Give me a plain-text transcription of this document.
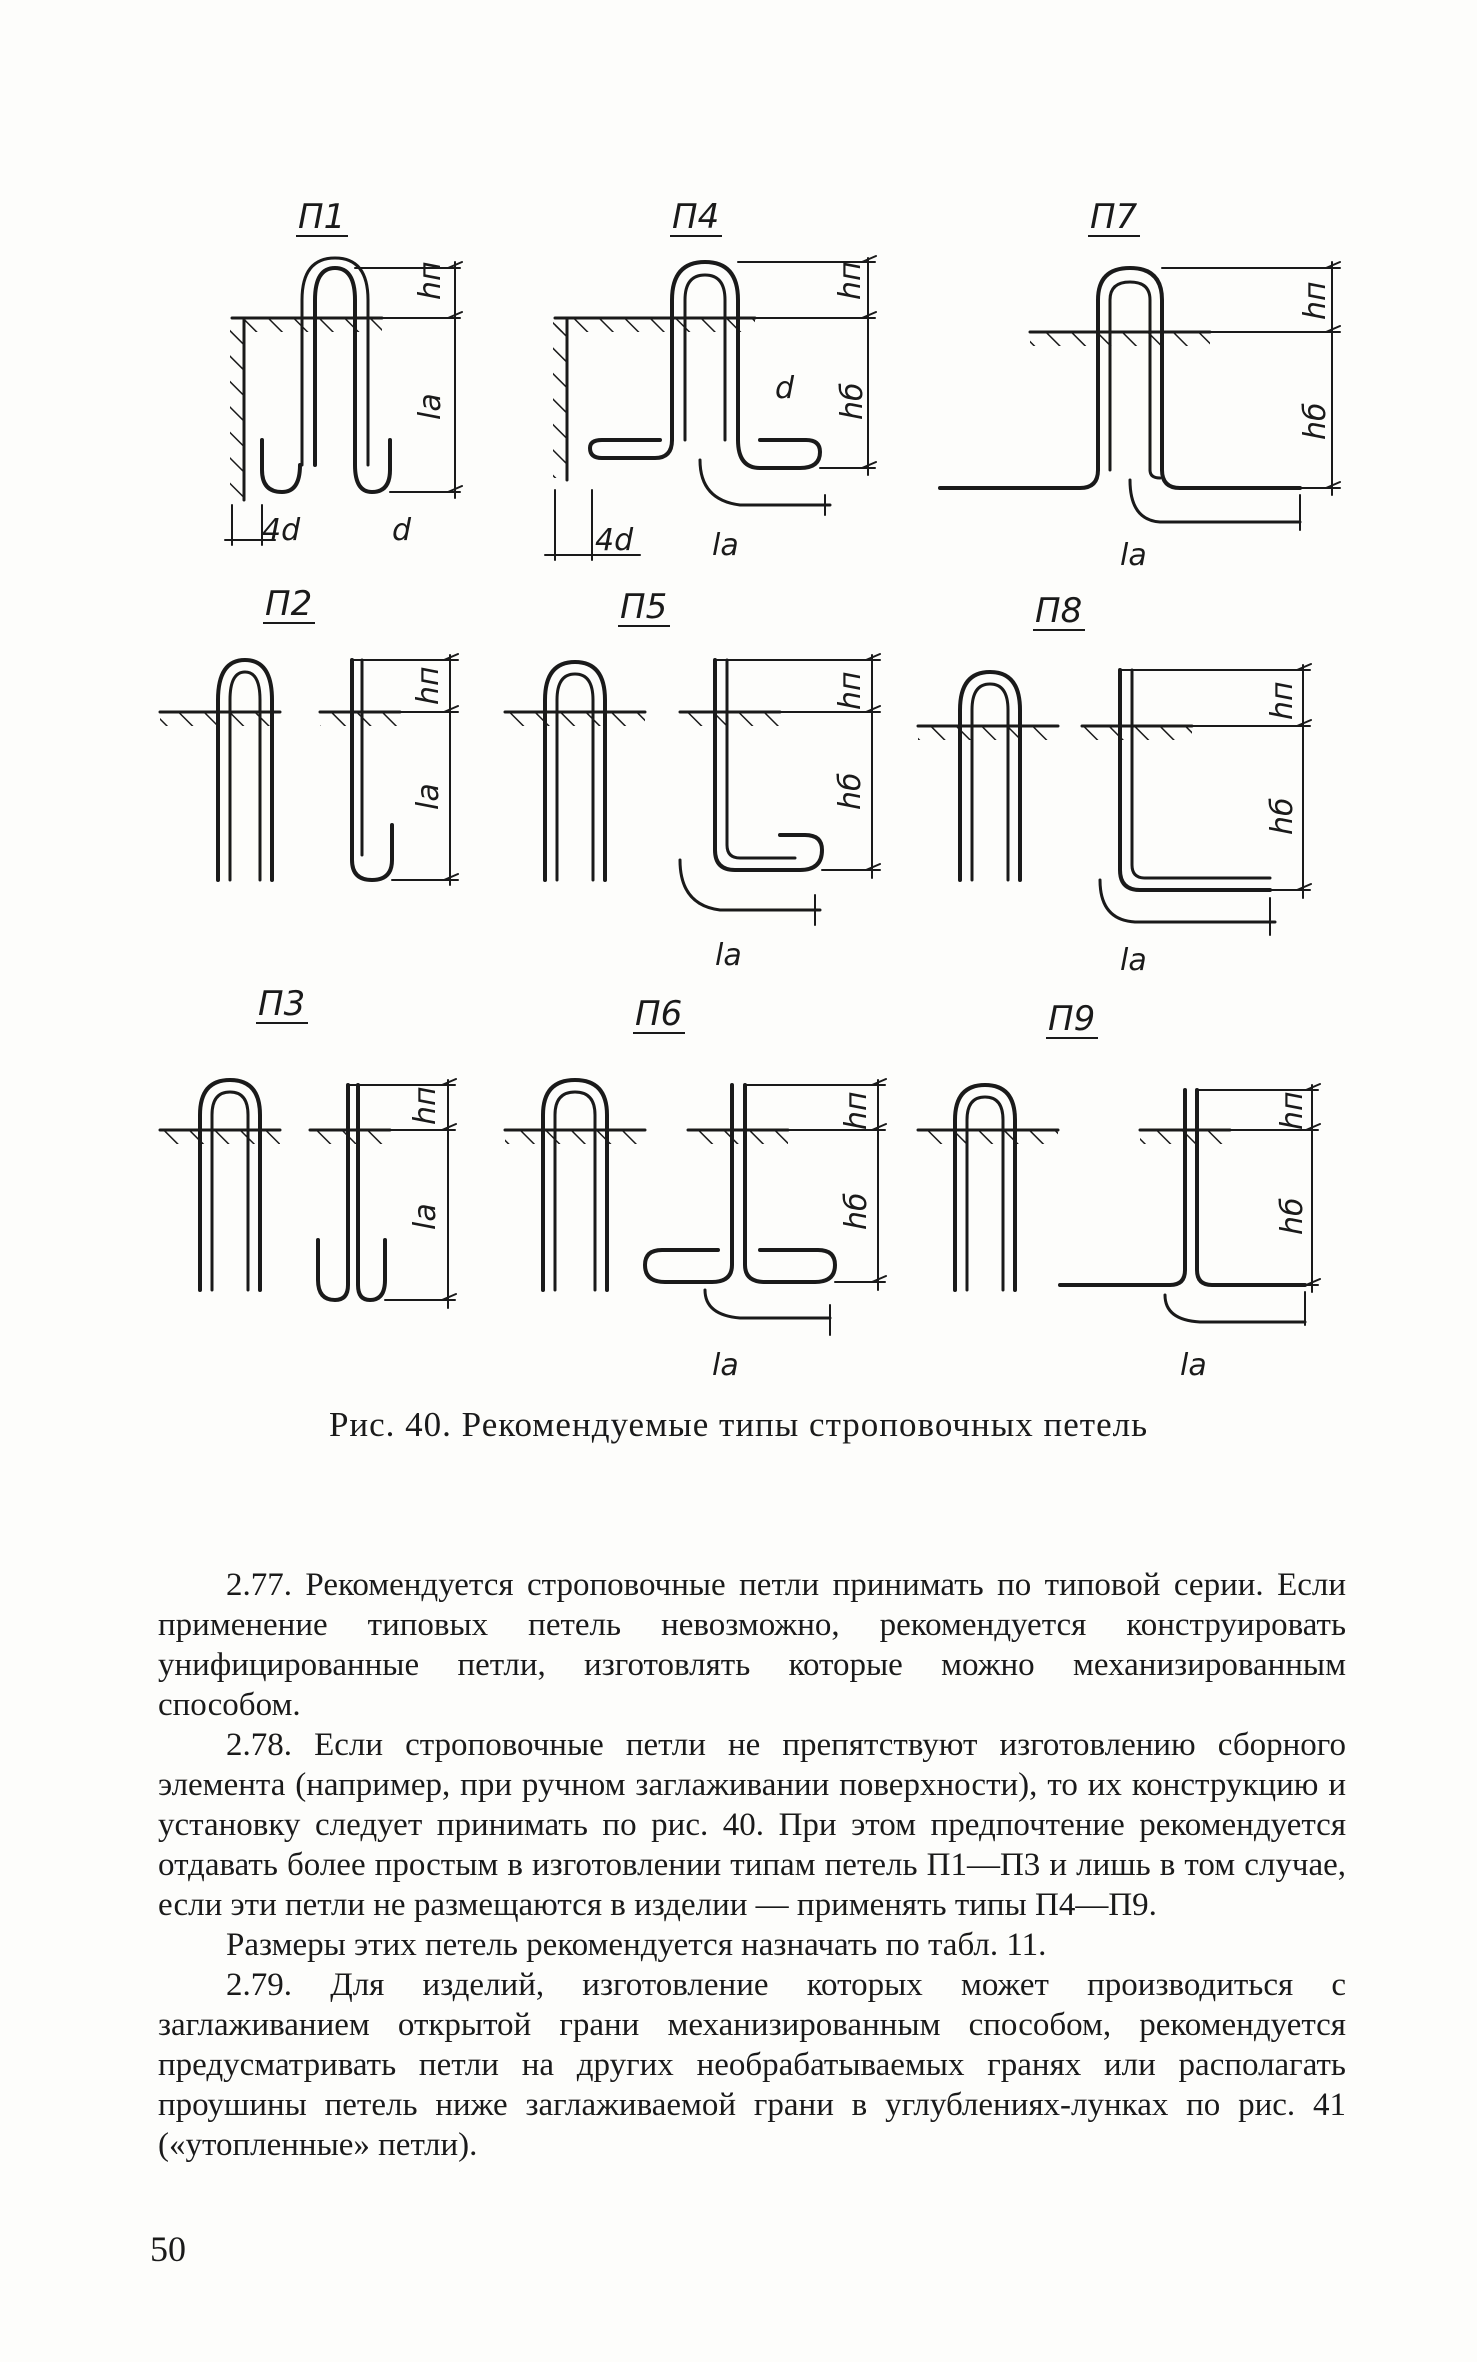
П1	П4	П7
П2	П5	П8
П3	П6	П9
hп
la
4d	d
hп
hб
4d	la
d
hп
hб
la
hп
la
hп
hб
la
hп
hб
la
hп
la
hп
hб
la
hп
hб
la
Рис. 40. Рекомендуемые типы строповочных петель

2.77. Рекомендуется строповочные петли принимать по типовой серии. Если применение типовых петель невозможно, рекомендуется конструировать унифицированные петли, изготовлять которые можно механизированным способом.

2.78. Если строповочные петли не препятствуют изготовлению сборного элемента (например, при ручном заглаживании поверхности), то их конструкцию и установку следует принимать по рис. 40. При этом предпочтение рекомендуется отдавать более простым в изготовлении типам петель П1—П3 и лишь в том случае, если эти петли не размещаются в изделии — применять типы П4—П9.

Размеры этих петель рекомендуется назначать по табл. 11.

2.79. Для изделий, изготовление которых может производиться с заглаживанием открытой грани механизированным способом, рекомендуется предусматривать петли на других необрабатываемых гранях или располагать проушины петель ниже заглаживаемой грани в углублениях-лунках по рис. 41 («утопленные» петли).

50
